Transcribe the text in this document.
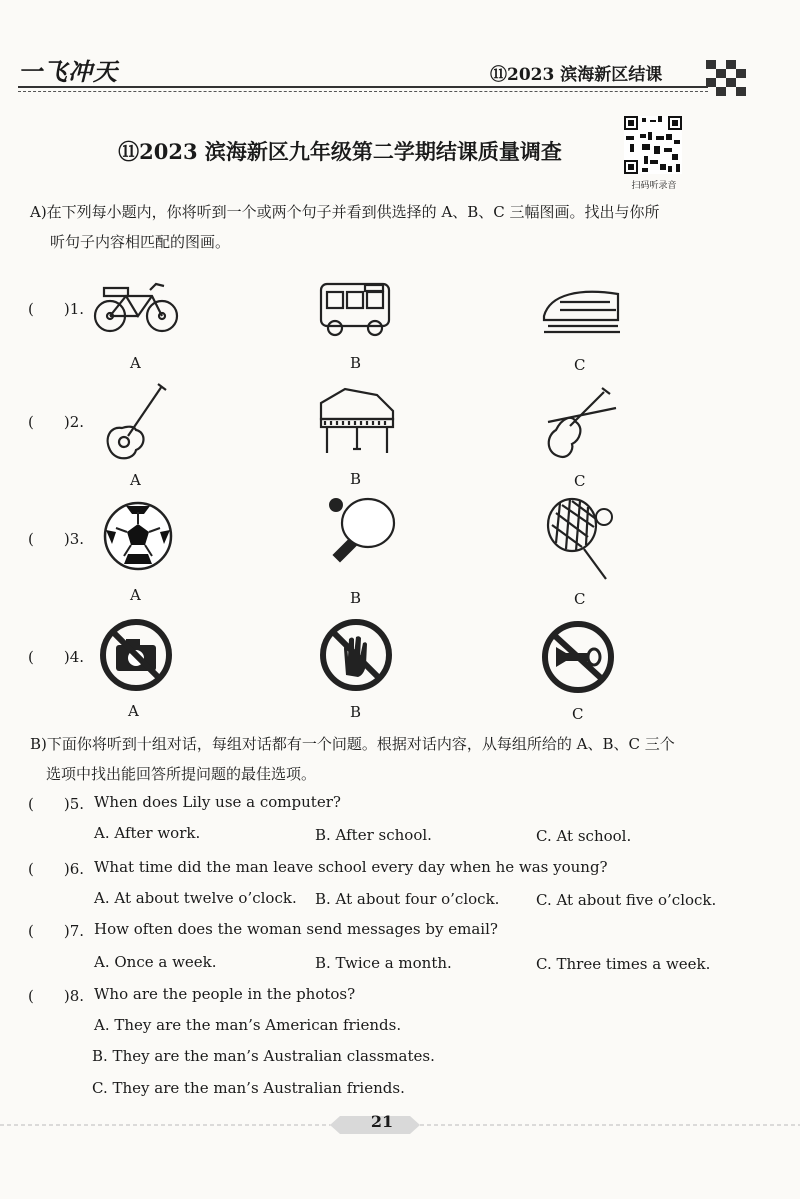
一飞冲天	⑪2023 滨海新区结课
⑪2023 滨海新区九年级第二学期结课质量调查
扫码听录音
A)在下列每小题内，你将听到一个或两个句子并看到供选择的 A、B、C 三幅图画。找出与你所
听句子内容相匹配的图画。
(　　)1.
A	B	C
(　　)2.
A	B	C
(　　)3.
A	B	C
(　　)4.
A	B	C
B)下面你将听到十组对话，每组对话都有一个问题。根据对话内容，从每组所给的 A、B、C 三个
选项中找出能回答所提问题的最佳选项。
(　　)5. When does Lily use a computer?
A. After work.	B. After school.	C. At school.
(　　)6. What time did the man leave school every day when he was young?
A. At about twelve o’clock. B. At about four o’clock. C. At about five o’clock.
(　　)7. How often does the woman send messages by email?
A. Once a week.	B. Twice a month.	C. Three times a week.
(　　)8. Who are the people in the photos?
A. They are the man’s American friends.
B. They are the man’s Australian classmates.
C. They are the man’s Australian friends.
21
